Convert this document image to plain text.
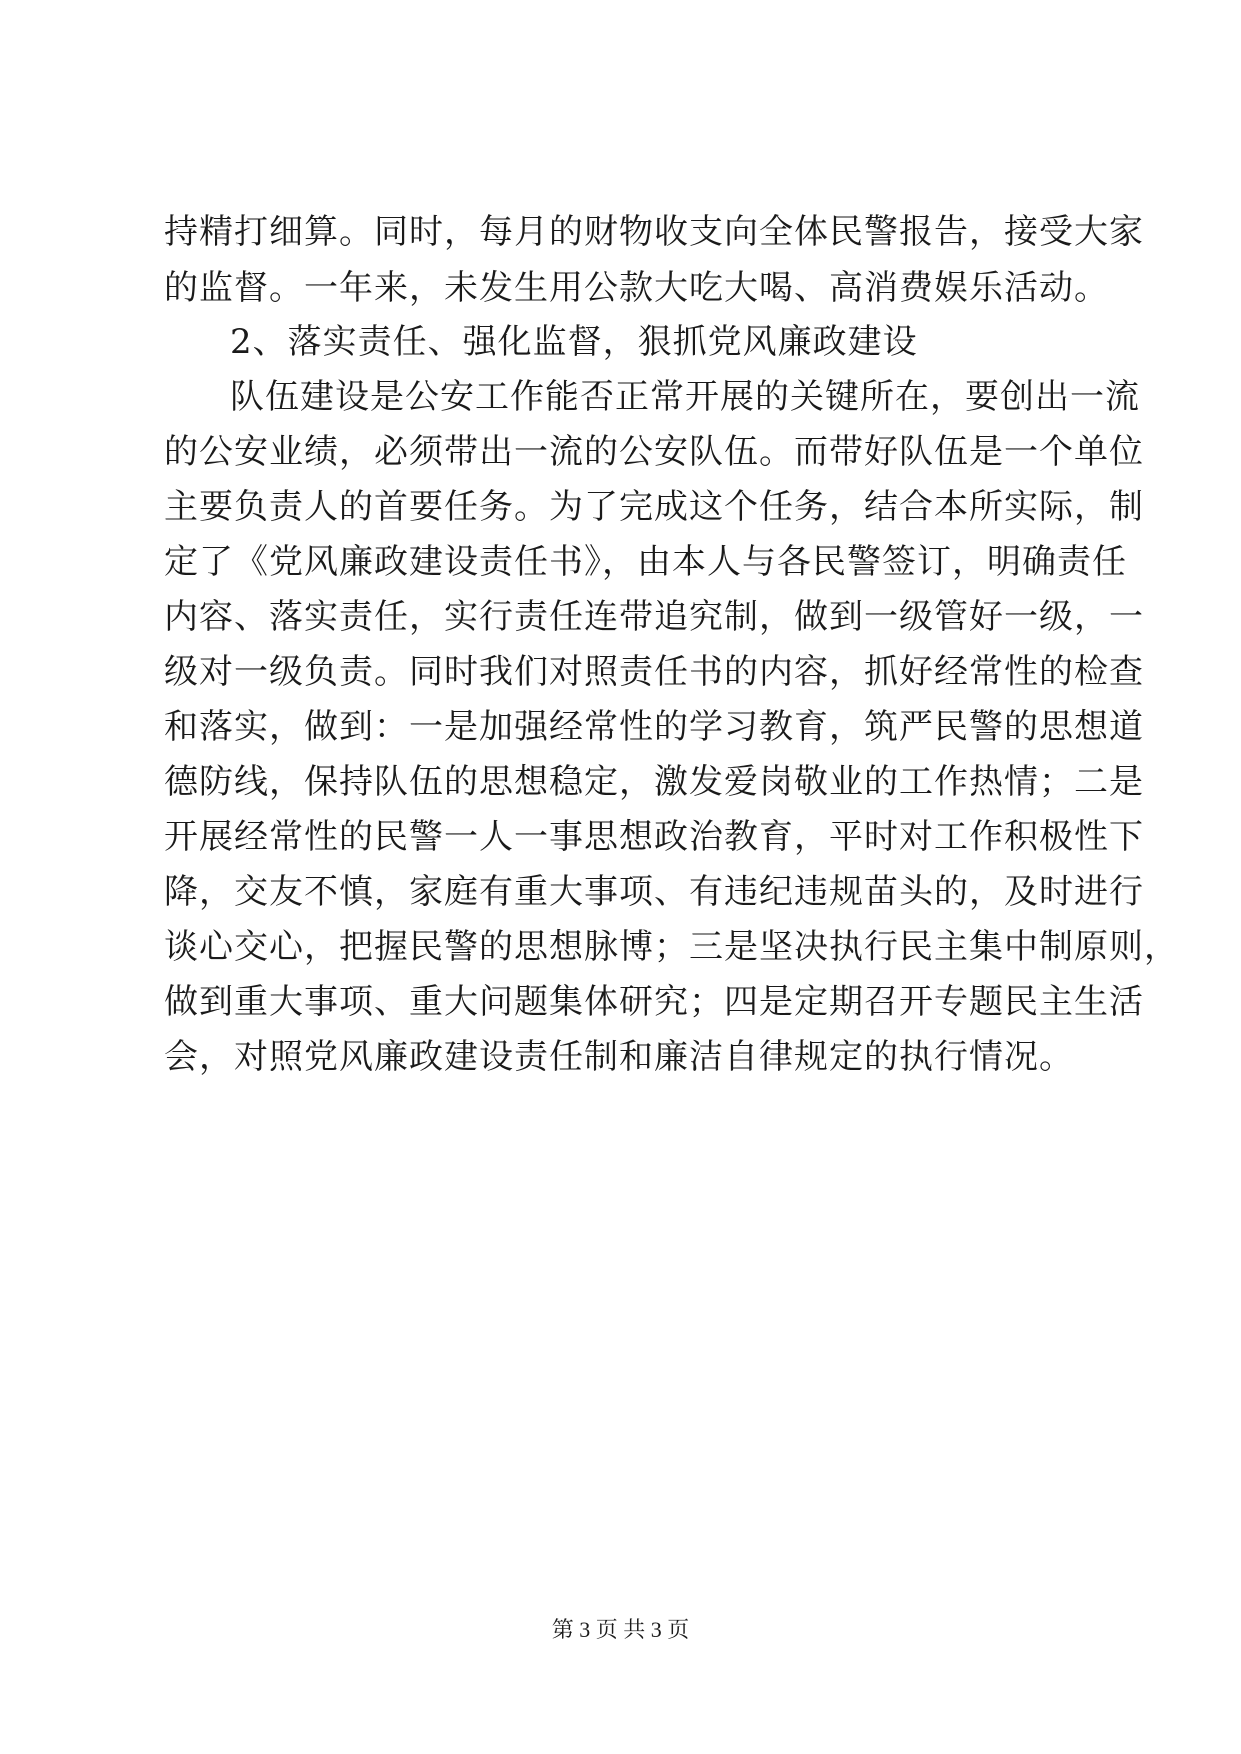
持精打细算。同时，每月的财物收支向全体民警报告，接受大家
的监督。一年来，未发生用公款大吃大喝、高消费娱乐活动。
2、落实责任、强化监督，狠抓党风廉政建设
队伍建设是公安工作能否正常开展的关键所在，要创出一流
的公安业绩，必须带出一流的公安队伍。而带好队伍是一个单位
主要负责人的首要任务。为了完成这个任务，结合本所实际，制
定了《党风廉政建设责任书》，由本人与各民警签订，明确责任
内容、落实责任，实行责任连带追究制，做到一级管好一级，一
级对一级负责。同时我们对照责任书的内容，抓好经常性的检查
和落实，做到：一是加强经常性的学习教育，筑严民警的思想道
德防线，保持队伍的思想稳定，激发爱岗敬业的工作热情；二是
开展经常性的民警一人一事思想政治教育，平时对工作积极性下
降，交友不慎，家庭有重大事项、有违纪违规苗头的，及时进行
谈心交心，把握民警的思想脉博；三是坚决执行民主集中制原则，
做到重大事项、重大问题集体研究；四是定期召开专题民主生活
会，对照党风廉政建设责任制和廉洁自律规定的执行情况。
第 3 页 共 3 页
